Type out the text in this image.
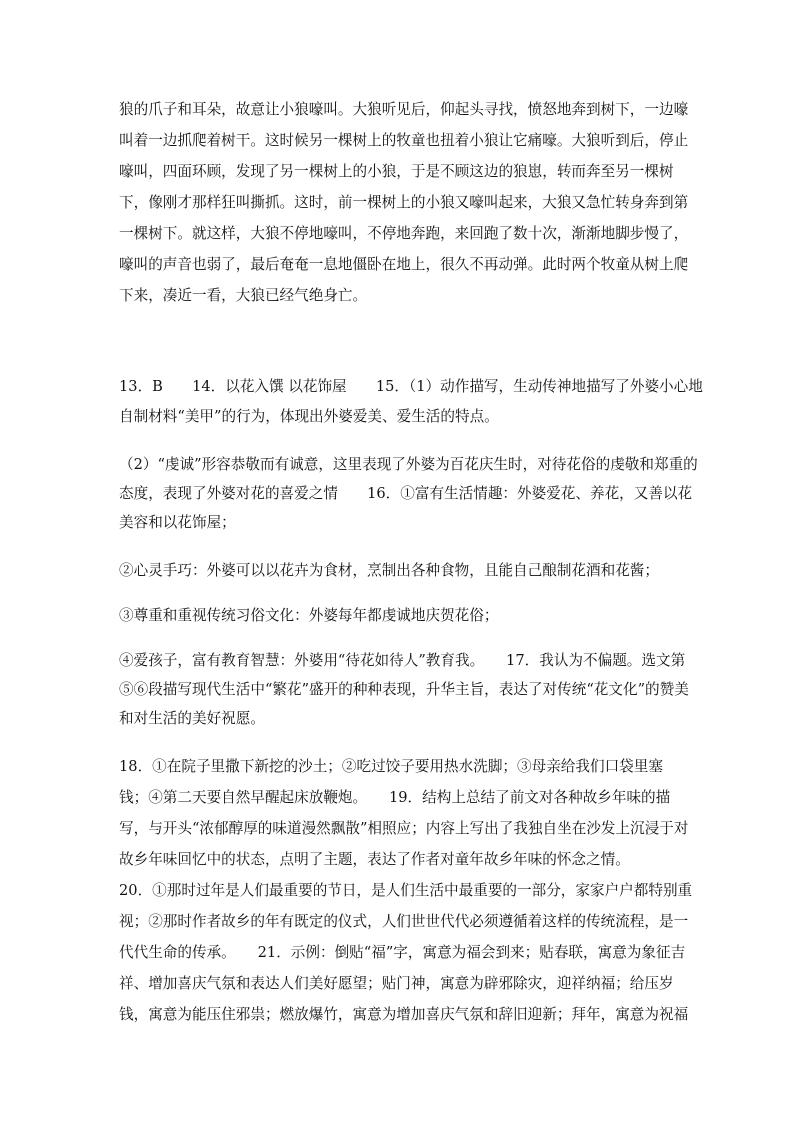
狼的爪子和耳朵，故意让小狼嚎叫。大狼听见后，仰起头寻找，愤怒地奔到树下，一边嚎
叫着一边抓爬着树干。这时候另一棵树上的牧童也扭着小狼让它痛嚎。大狼听到后，停止
嚎叫，四面环顾，发现了另一棵树上的小狼，于是不顾这边的狼崽，转而奔至另一棵树
下，像刚才那样狂叫撕抓。这时，前一棵树上的小狼又嚎叫起来，大狼又急忙转身奔到第
一棵树下。就这样，大狼不停地嚎叫，不停地奔跑，来回跑了数十次，渐渐地脚步慢了，
嚎叫的声音也弱了，最后奄奄一息地僵卧在地上，很久不再动弹。此时两个牧童从树上爬
下来，凑近一看，大狼已经气绝身亡。
13．B　　14．以花入馔 以花饰屋　　15．（1）动作描写，生动传神地描写了外婆小心地
自制材料“美甲”的行为，体现出外婆爱美、爱生活的特点。
（2）“虔诚”形容恭敬而有诚意，这里表现了外婆为百花庆生时，对待花俗的虔敬和郑重的
态度，表现了外婆对花的喜爱之情　　16．①富有生活情趣：外婆爱花、养花，又善以花
美容和以花饰屋；
②心灵手巧：外婆可以以花卉为食材，烹制出各种食物，且能自己酿制花酒和花酱；
③尊重和重视传统习俗文化：外婆每年都虔诚地庆贺花俗；
④爱孩子，富有教育智慧：外婆用“待花如待人”教育我。　　17．我认为不偏题。选文第
⑤⑥段描写现代生活中“繁花”盛开的种种表现，升华主旨，表达了对传统“花文化”的赞美
和对生活的美好祝愿。
18．①在院子里撒下新挖的沙土；②吃过饺子要用热水洗脚；③母亲给我们口袋里塞
钱；④第二天要自然早醒起床放鞭炮。　　19．结构上总结了前文对各种故乡年味的描
写，与开头“浓郁醇厚的味道漫然飘散”相照应；内容上写出了我独自坐在沙发上沉浸于对
故乡年味回忆中的状态，点明了主题，表达了作者对童年故乡年味的怀念之情。
20．①那时过年是人们最重要的节日，是人们生活中最重要的一部分，家家户户都特别重
视；②那时作者故乡的年有既定的仪式，人们世世代代必须遵循着这样的传统流程，是一
代代生命的传承。　　21．示例：倒贴“福”字，寓意为福会到来；贴春联，寓意为象征吉
祥、增加喜庆气氛和表达人们美好愿望；贴门神，寓意为辟邪除灾，迎祥纳福；给压岁
钱，寓意为能压住邪祟；燃放爆竹，寓意为增加喜庆气氛和辞旧迎新；拜年，寓意为祝福
